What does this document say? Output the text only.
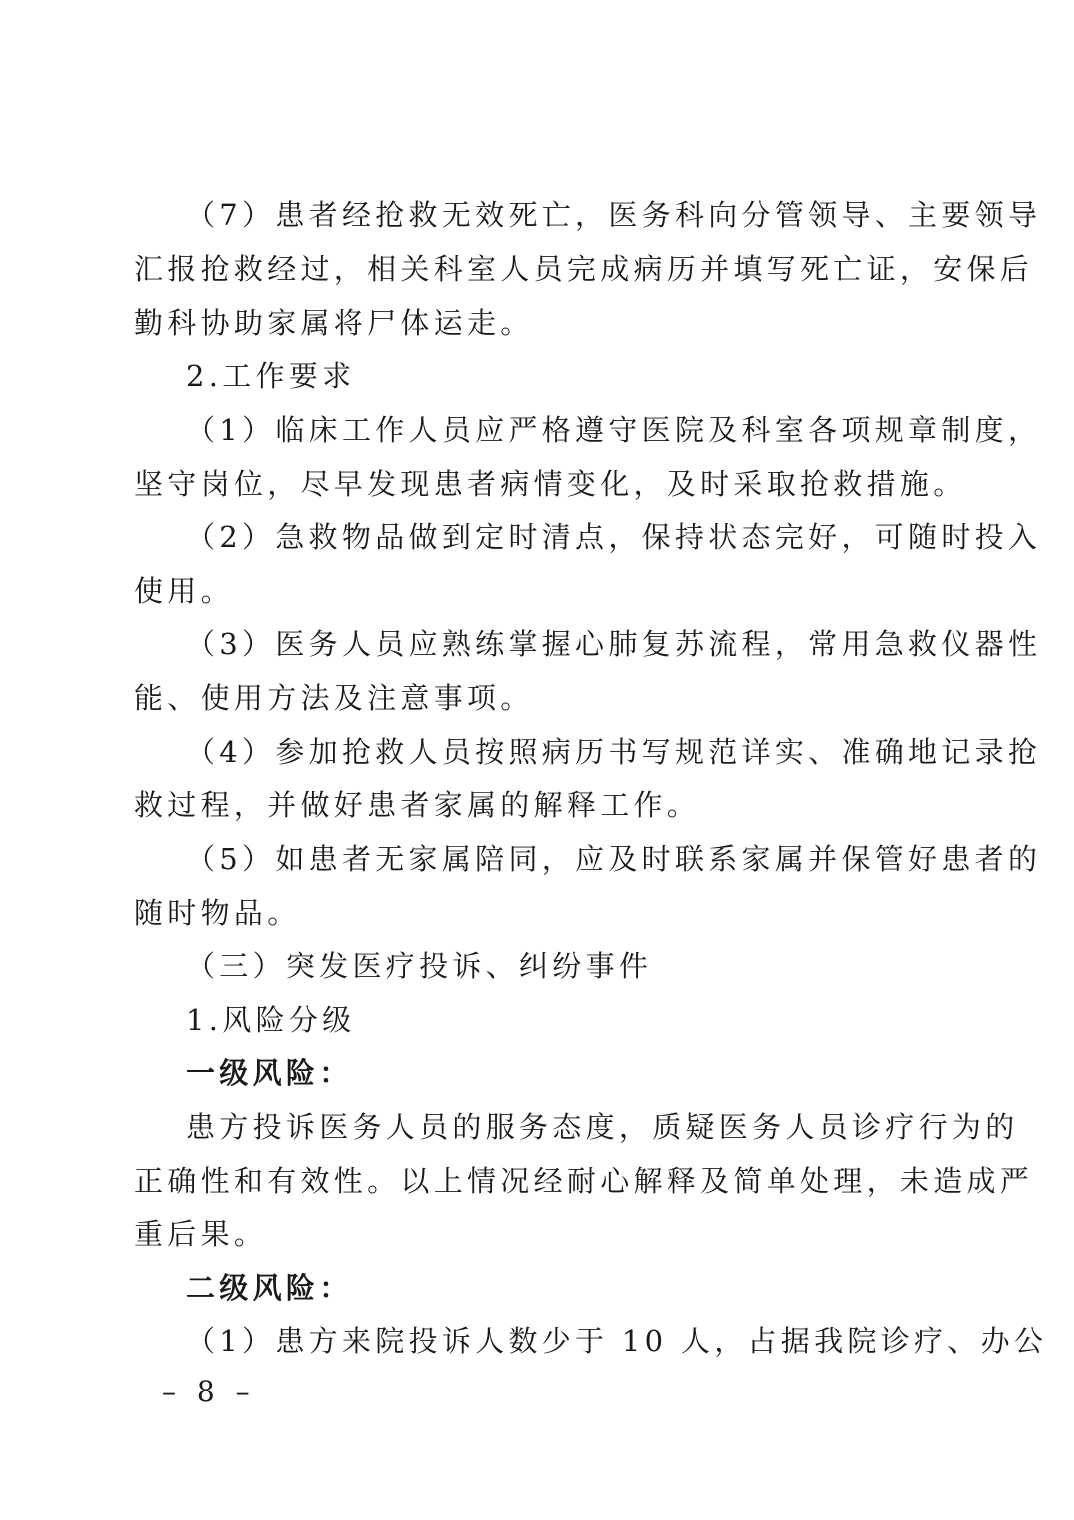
（7）患者经抢救无效死亡，医务科向分管领导、主要领导
汇报抢救经过，相关科室人员完成病历并填写死亡证，安保后
勤科协助家属将尸体运走。
2.工作要求
（1）临床工作人员应严格遵守医院及科室各项规章制度，
坚守岗位，尽早发现患者病情变化，及时采取抢救措施。
（2）急救物品做到定时清点，保持状态完好，可随时投入
使用。
（3）医务人员应熟练掌握心肺复苏流程，常用急救仪器性
能、使用方法及注意事项。
（4）参加抢救人员按照病历书写规范详实、准确地记录抢
救过程，并做好患者家属的解释工作。
（5）如患者无家属陪同，应及时联系家属并保管好患者的
随时物品。
（三）突发医疗投诉、纠纷事件
1.风险分级
一级风险：
患方投诉医务人员的服务态度，质疑医务人员诊疗行为的
正确性和有效性。以上情况经耐心解释及简单处理，未造成严
重后果。
二级风险：
（1）患方来院投诉人数少于 10 人，占据我院诊疗、办公
– 8 –
